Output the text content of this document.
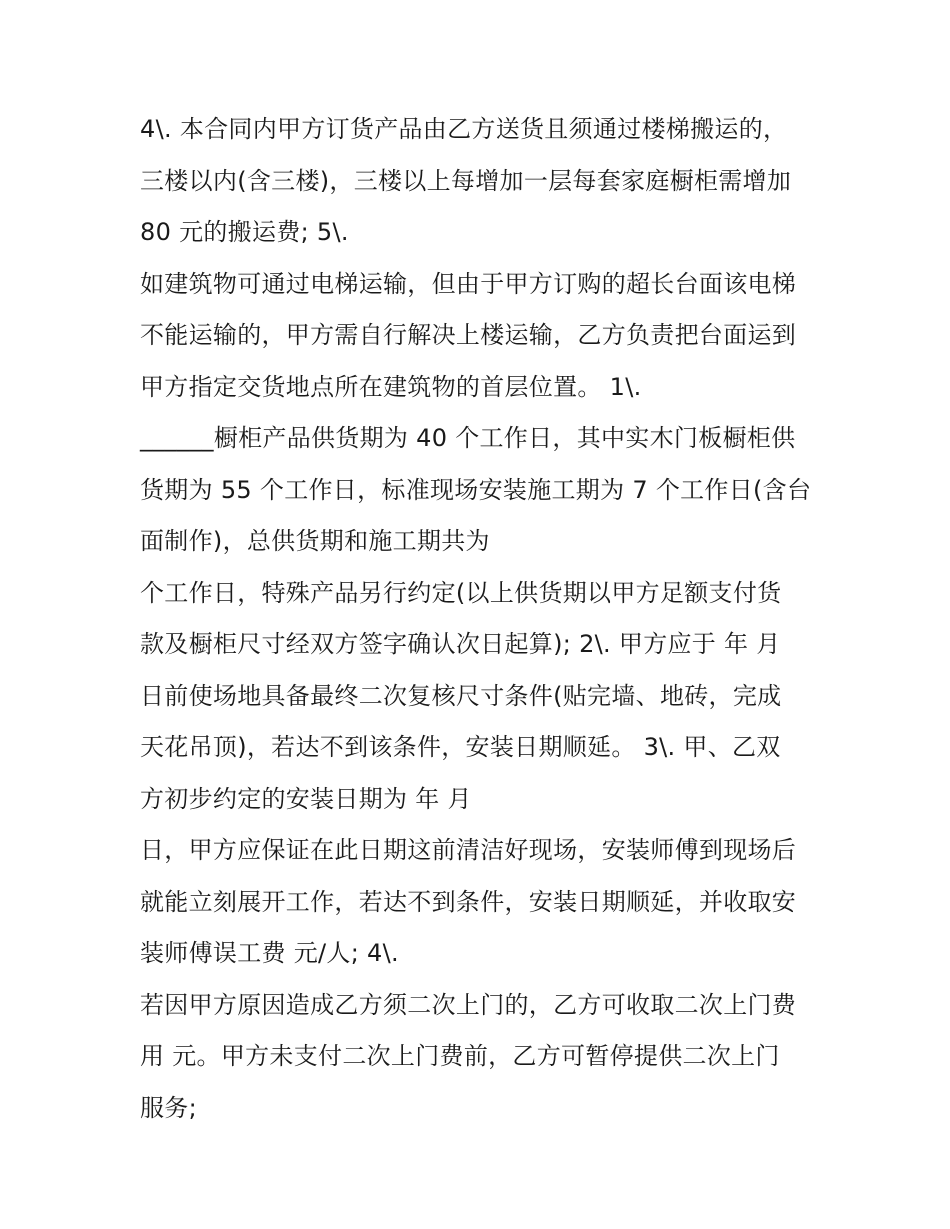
4\. 本合同内甲方订货产品由乙方送货且须通过楼梯搬运的，
三楼以内(含三楼)，三楼以上每增加一层每套家庭橱柜需增加
80 元的搬运费; 5\.
如建筑物可通过电梯运输，但由于甲方订购的超长台面该电梯
不能运输的，甲方需自行解决上楼运输，乙方负责把台面运到
甲方指定交货地点所在建筑物的首层位置。 1\.
______橱柜产品供货期为 40 个工作日，其中实木门板橱柜供
货期为 55 个工作日，标准现场安装施工期为 7 个工作日(含台
面制作)，总供货期和施工期共为
个工作日，特殊产品另行约定(以上供货期以甲方足额支付货
款及橱柜尺寸经双方签字确认次日起算); 2\. 甲方应于 年 月
日前使场地具备最终二次复核尺寸条件(贴完墙、地砖，完成
天花吊顶)，若达不到该条件，安装日期顺延。 3\. 甲、乙双
方初步约定的安装日期为 年 月
日，甲方应保证在此日期这前清洁好现场，安装师傅到现场后
就能立刻展开工作，若达不到条件，安装日期顺延，并收取安
装师傅误工费 元/人; 4\.
若因甲方原因造成乙方须二次上门的，乙方可收取二次上门费
用 元。甲方未支付二次上门费前，乙方可暂停提供二次上门
服务;
